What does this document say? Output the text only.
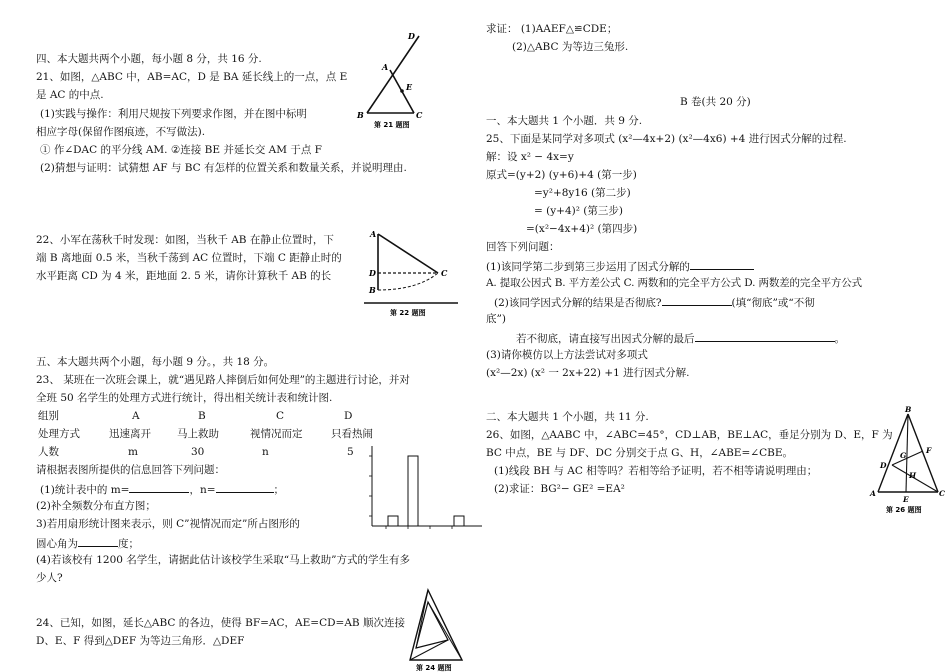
四、本大题共两个小题，每小题 8 分，共 16 分.
21、如图，△ABC 中，AB=AC，D 是 BA 延长线上的一点，点 E
是 AC 的中点.
(1)实践与操作：利用尺规按下列要求作图，并在图中标明
相应字母(保留作图痕迹，不写做法).
① 作∠DAC 的平分线 AM. ②连接 BE 并延长交 AM 于点 F
(2)猜想与证明：试猜想 AF 与 BC 有怎样的位置关系和数量关系，并说明理由.
D
A
E
B	C
第 21 题图
22、小军在荡秋千时发现：如图，当秋千 AB 在静止位置时，下
端 B 离地面 0.5 米，当秋千荡到 AC 位置时，下端 C 距静止时的
水平距离 CD 为 4 米，距地面 2. 5 米，请你计算秋千 AB 的长
A
D
B
C
第 22 题图
五、本大题共两个小题，每小题 9 分。，共 18 分。
23、 某班在一次班会课上，就“遇见路人摔倒后如何处理”的主题进行讨论，并对
全班 50 名学生的处理方式进行统计，得出相关统计表和统计图.
组别	A	B	C	D
处理方式	迅速离开 马上救助	视情况而定	只看热闹
人数	m	30	n	5
请根据表图所提供的信息回答下列问题：
(1)统计表中的 m=	，n=	；
(2)补全频数分布直方图；
3)若用扇形统计图来表示，则 C”视情况而定”所占图形的
圆心角为	度；
(4)若该校有 1200 名学生，请据此估计该校学生采取“马上救助”方式的学生有多
少人?
24、已知，如图，延长△ABC 的各边，使得 BF=AC，AE=CD=AB 顺次连接
D、E、F 得到△DEF 为等边三角形．△DEF
第 24 题图
求证： (1)AAEF△≌CDE；
(2)△ABC 为等边三兔形.
B 卷(共 20 分)
一、本大题共 1 个小题．共 9 分.
25、下面是某同学对多项式 (x²—4x+2) (x²—4x6) +4 进行因式分解的过程.
解：设 x² − 4x=y
原式=(y+2) (y+6)+4 (第一步)
=y²+8y16 (第二步)
= (y+4)² (第三步)
=(x²−4x+4)² (第四步)
回答下列问题：
(1)该同学第二步到第三步运用了因式分解的
A. 提取公因式 B. 平方差公式 C. 两数和的完全平方公式 D. 两数差的完全平方公式
(2)该同学因式分解的结果是否彻底?	(填“彻底”或“不彻
底”)
若不彻底，请直接写出因式分解的最后	。
(3)请你模仿以上方法尝试对多项式
(x²—2x) (x² 一 2x+22) +1 进行因式分解.
二、本大题共 1 个小题，共 11 分.
26、如图，△AABC 中，∠ABC=45°，CD⊥AB，BE⊥AC，垂足分别为 D、E，F 为
BC 中点，BE 与 DF、DC 分别交于点 G、H，∠ABE=∠CBE。
(1)线段 BH 与 AC 相等吗？若相等给予证明，若不相等请说明理由；
(2)求证：BG²− GE² =EA²
B
F
G
D
H
A
E
C
第 26 题图
